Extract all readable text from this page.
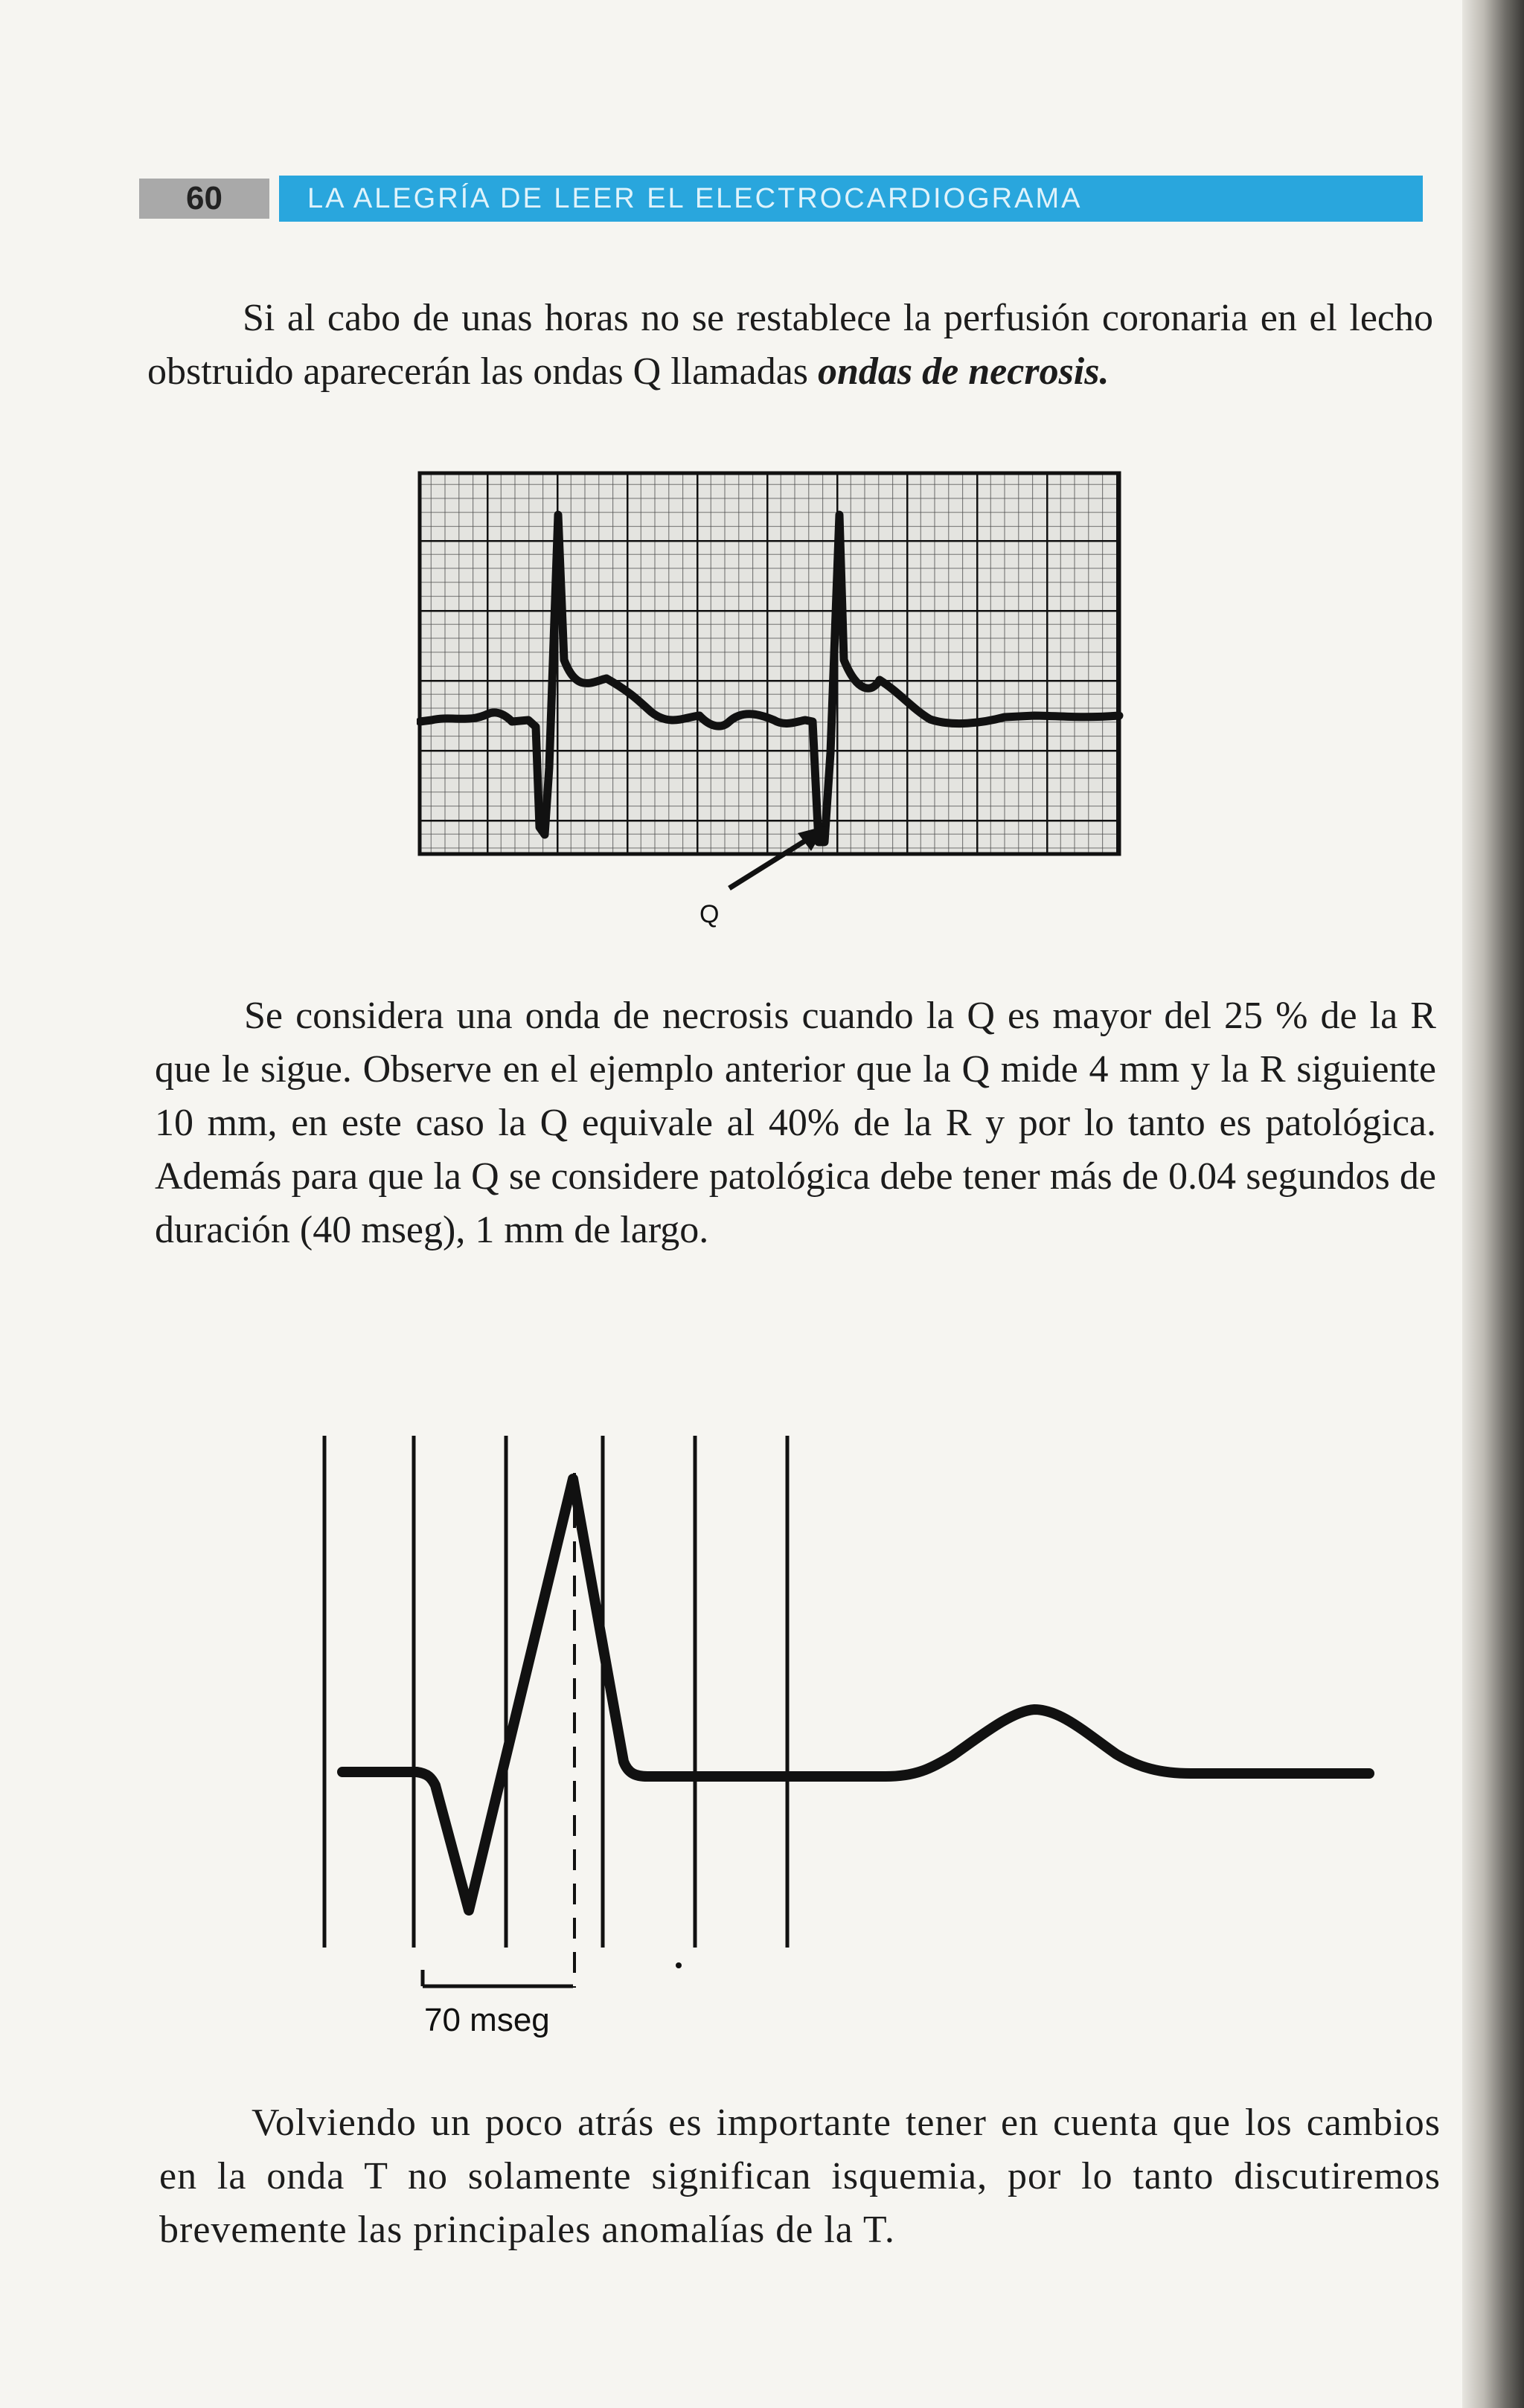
60	LA ALEGRÍA DE LEER EL ELECTROCARDIOGRAMA

Si al cabo de unas horas no se restablece la perfusión coronaria en el lecho obstruido aparecerán las ondas Q llamadas ondas de necrosis.

Q

Se considera una onda de necrosis cuando la Q es mayor del 25 % de la R que le sigue. Observe en el ejemplo anterior que la Q mide 4 mm y la R siguiente 10 mm, en este caso la Q equivale al 40% de la R y por lo tanto es patológica. Además para que la Q se considere patológica debe tener más de 0.04 segundos de duración (40 mseg), 1 mm de largo.

70 mseg

Volviendo un poco atrás es importante tener en cuenta que los cambios en la onda T no solamente significan isquemia, por lo tanto discutiremos brevemente las principales anomalías de la T.
